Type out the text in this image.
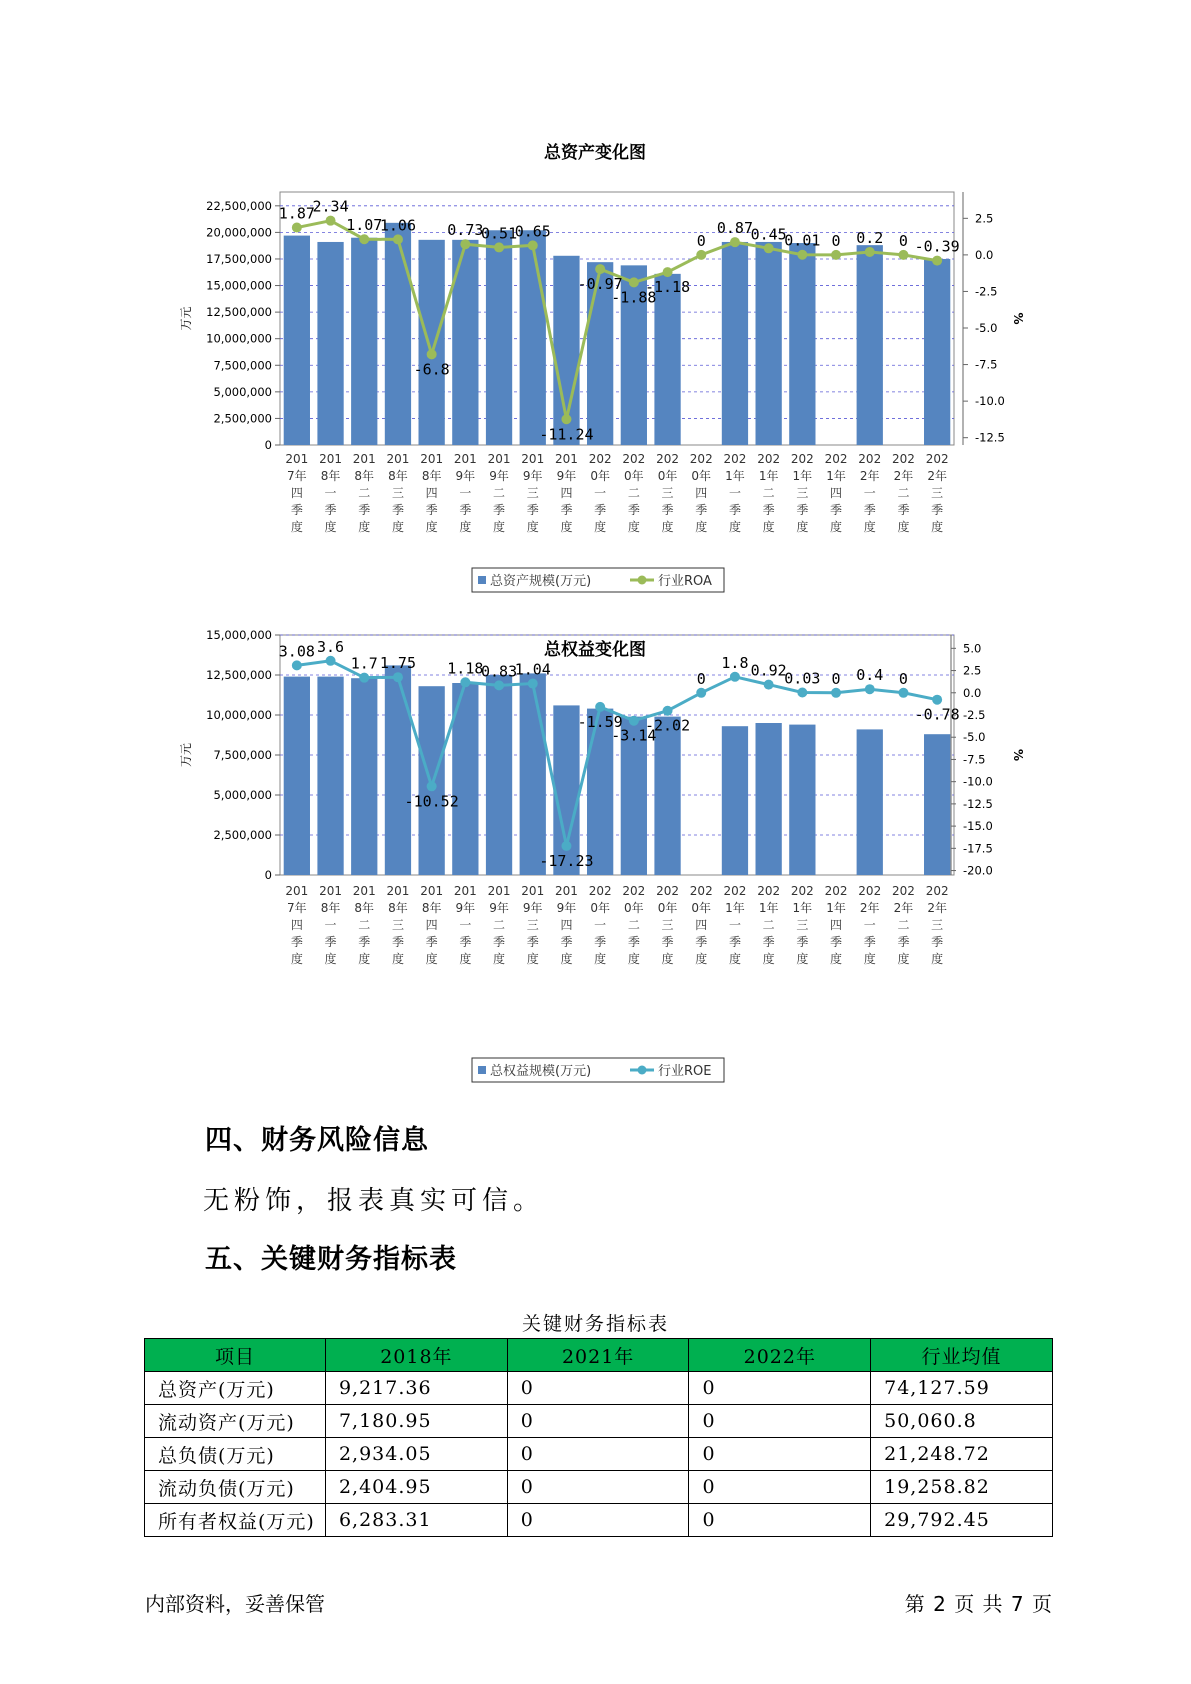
总资产变化图
0
2,500,000
5,000,000
7,500,000
10,000,000
12,500,000
15,000,000
17,500,000
20,000,000
22,500,000
2.5
0.0
-2.5
-5.0
-7.5
-10.0
-12.5
万元	%
1.87
2.34
1.07
1.06
-6.8
0.73
0.51
0.65
-11.24
-0.97
-1.88
-1.18
0
0.87
0.45
0.01 0 0.2 0 -0.39
201
7年
四
季
度
201
8年
一
季
度
201
8年
二
季
度
201
8年
三
季
度
201
8年
四
季
度
201
9年
一
季
度
201
9年
二
季
度
201
9年
三
季
度
201
9年
四
季
度
202
0年
一
季
度
202
0年
二
季
度
202
0年
三
季
度
202
0年
四
季
度
202
1年
一
季
度
202
1年
二
季
度
202
1年
三
季
度
202
1年
四
季
度
202
2年
一
季
度
202
2年
二
季
度
202
2年
三
季
度
总资产规模(万元)	行业ROA
总权益变化图
0
2,500,000
5,000,000
7,500,000
10,000,000
12,500,000
15,000,000
5.0
2.5
0.0
-2.5
-5.0
-7.5
-10.0
-12.5
-15.0
-17.5
-20.0
万元	%
3.08 3.6
1.7 1.75
-10.52
1.18
0.83
1.04
-17.23
-1.59
-3.14
-2.02
0
1.8 0.92
0.03 0 0.4 0
-0.78
201
7年
四
季
度
201
8年
一
季
度
201
8年
二
季
度
201
8年
三
季
度
201
8年
四
季
度
201
9年
一
季
度
201
9年
二
季
度
201
9年
三
季
度
201
9年
四
季
度
202
0年
一
季
度
202
0年
二
季
度
202
0年
三
季
度
202
0年
四
季
度
202
1年
一
季
度
202
1年
二
季
度
202
1年
三
季
度
202
1年
四
季
度
202
2年
一
季
度
202
2年
二
季
度
202
2年
三
季
度
总权益规模(万元)	行业ROE
四、财务风险信息
无粉饰，报表真实可信。
五、关键财务指标表
关键财务指标表
项目	2018年	2021年	2022年	行业均值
总资产(万元)	9,217.36	0	0	74,127.59
流动资产(万元)	7,180.95	0	0	50,060.8
总负债(万元)	2,934.05	0	0	21,248.72
流动负债(万元)	2,404.95	0	0	19,258.82
所有者权益(万元)	6,283.31	0	0	29,792.45
内部资料，妥善保管	第 2 页 共 7 页
